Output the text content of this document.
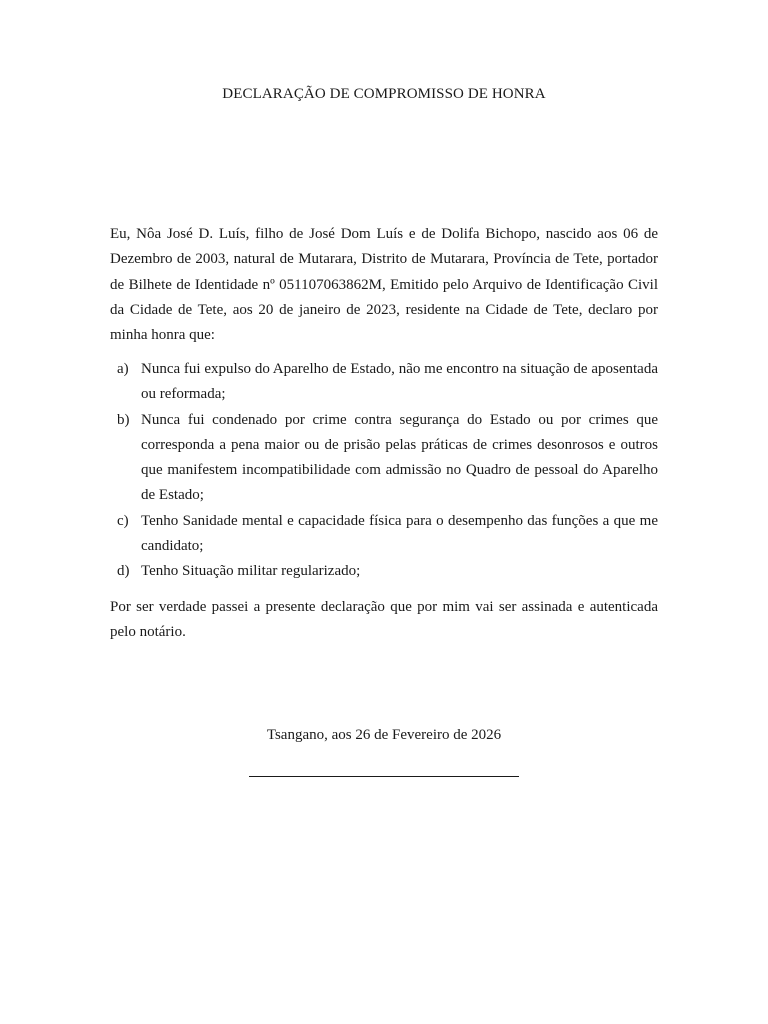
DECLARAÇÃO DE COMPROMISSO DE HONRA

Eu, Nôa José D. Luís, filho de José Dom Luís e de Dolifa Bichopo, nascido aos 06 de Dezembro de 2003, natural de Mutarara, Distrito de Mutarara, Província de Tete, portador de Bilhete de Identidade nº 051107063862M, Emitido pelo Arquivo de Identificação Civil da Cidade de Tete, aos 20 de janeiro de 2023, residente na Cidade de Tete, declaro por minha honra que:

a) Nunca fui expulso do Aparelho de Estado, não me encontro na situação de aposentada ou reformada;
b) Nunca fui condenado por crime contra segurança do Estado ou por crimes que corresponda a pena maior ou de prisão pelas práticas de crimes desonrosos e outros que manifestem incompatibilidade com admissão no Quadro de pessoal do Aparelho de Estado;
c) Tenho Sanidade mental e capacidade física para o desempenho das funções a que me candidato;
d) Tenho Situação militar regularizado;

Por ser verdade passei a presente declaração que por mim vai ser assinada e autenticada pelo notário.

Tsangano, aos 26 de Fevereiro de 2026
